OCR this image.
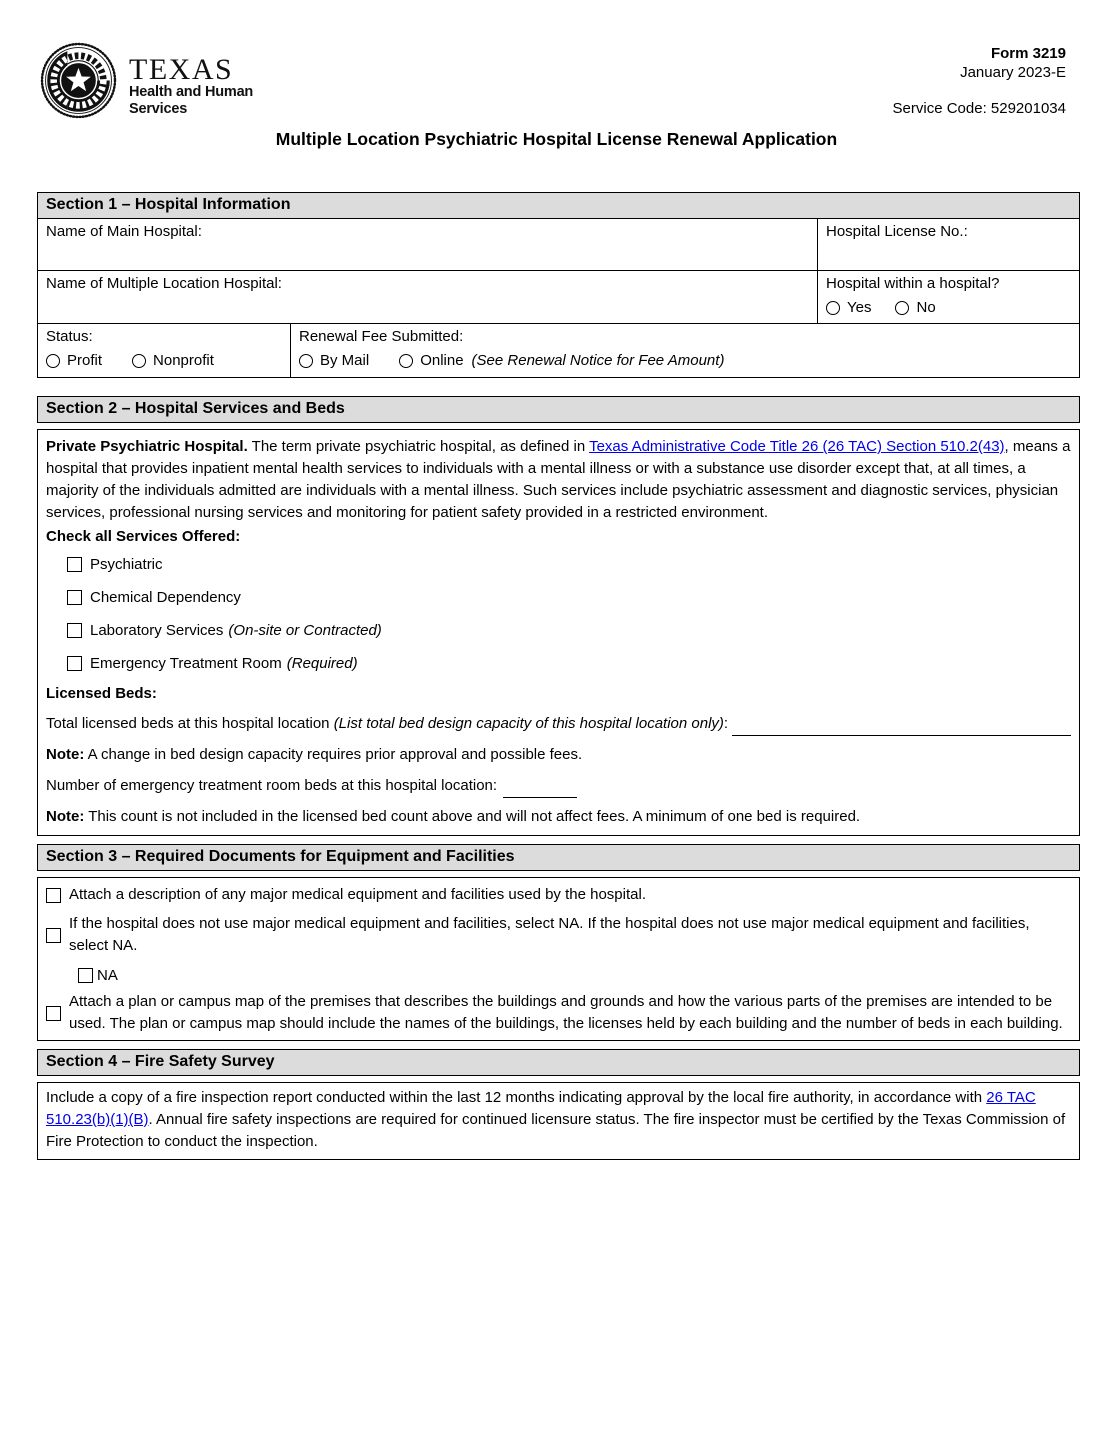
TEXAS
Health and Human
Services
Form 3219
January 2023-E
Service Code: 529201034
Multiple Location Psychiatric Hospital License Renewal Application
Section 1 – Hospital Information
Name of Main Hospital:	Hospital License No.:
Name of Multiple Location Hospital:	Hospital within a hospital?
Yes	No
Status:
Profit	Nonprofit
Renewal Fee Submitted:
By Mail	Online (See Renewal Notice for Fee Amount)
Section 2 – Hospital Services and Beds
Private Psychiatric Hospital. The term private psychiatric hospital, as defined in Texas Administrative Code Title 26 (26 TAC) Section 510.2(43), means a hospital that provides inpatient mental health services to individuals with a mental illness or with a substance use disorder except that, at all times, a majority of the individuals admitted are individuals with a mental illness. Such services include psychiatric assessment and diagnostic services, physician services, professional nursing services and monitoring for patient safety provided in a restricted environment.
Check all Services Offered:
Psychiatric
Chemical Dependency
Laboratory Services (On-site or Contracted)
Emergency Treatment Room (Required)
Licensed Beds:
Total licensed beds at this hospital location
(List total bed design capacity of this hospital location only) :
Note: A change in bed design capacity requires prior approval and possible fees.
Number of emergency treatment room beds at this hospital location:
Note: This count is not included in the licensed bed count above and will not affect fees. A minimum of one bed is required.
Section 3 – Required Documents for Equipment and Facilities
Attach a description of any major medical equipment and facilities used by the hospital.
If the hospital does not use major medical equipment and facilities, select NA. If the hospital does not use major medical equipment and facilities, select NA.
NA
Attach a plan or campus map of the premises that describes the buildings and grounds and how the various parts of the premises are intended to be used. The plan or campus map should include the names of the buildings, the licenses held by each building and the number of beds in each building.
Section 4 – Fire Safety Survey
Include a copy of a fire inspection report conducted within the last 12 months indicating approval by the local fire authority, in accordance with 26 TAC 510.23(b)(1)(B). Annual fire safety inspections are required for continued licensure status. The fire inspector must be certified by the Texas Commission of Fire Protection to conduct the inspection.
